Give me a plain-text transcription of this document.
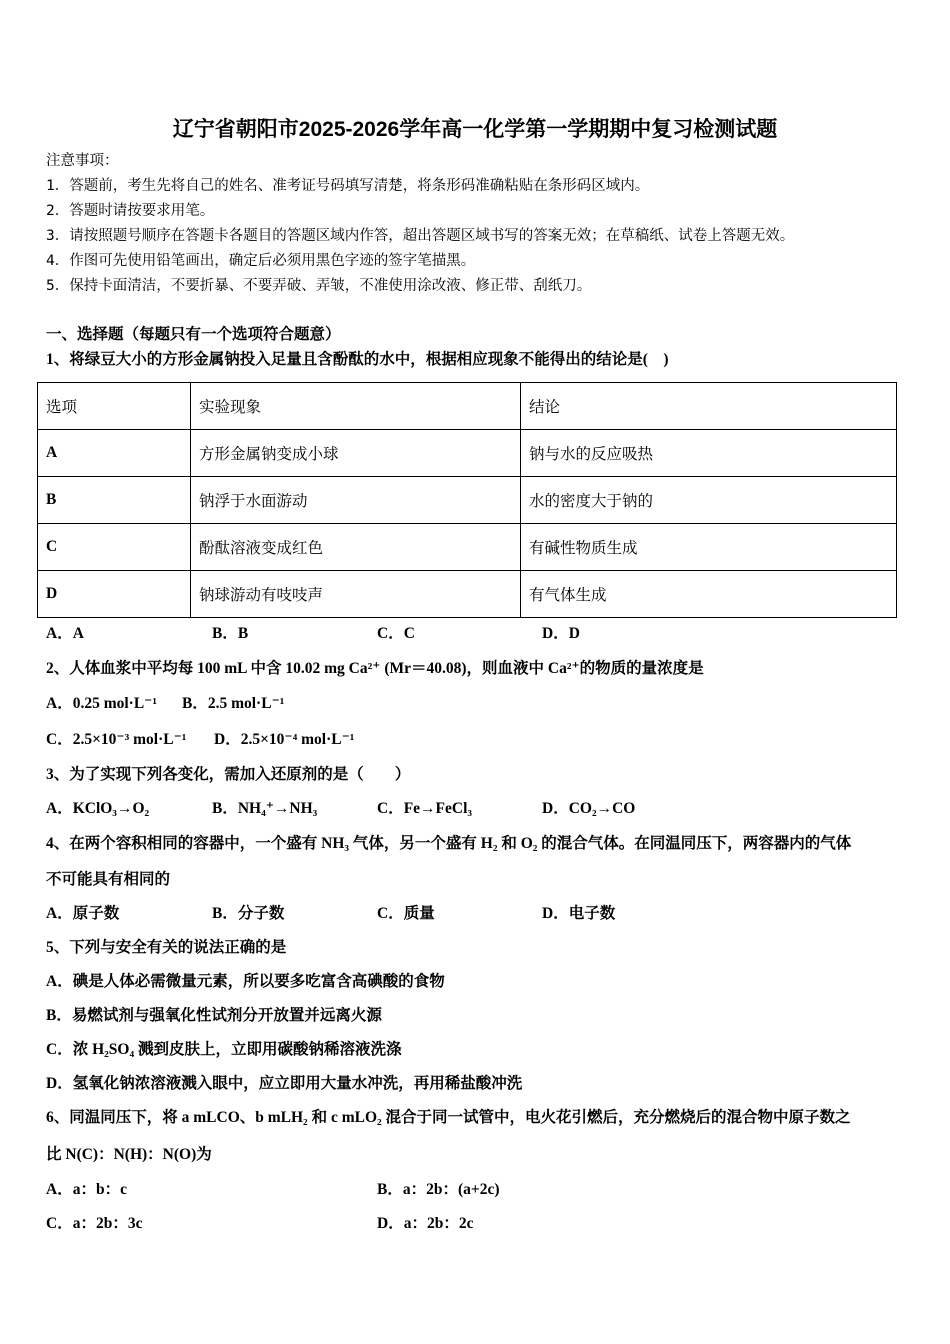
辽宁省朝阳市2025-2026学年高一化学第一学期期中复习检测试题
注意事项：
1．答题前，考生先将自己的姓名、准考证号码填写清楚，将条形码准确粘贴在条形码区域内。
2．答题时请按要求用笔。
3．请按照题号顺序在答题卡各题目的答题区域内作答，超出答题区域书写的答案无效；在草稿纸、试卷上答题无效。
4．作图可先使用铅笔画出，确定后必须用黑色字迹的签字笔描黑。
5．保持卡面清洁，不要折暴、不要弄破、弄皱，不准使用涂改液、修正带、刮纸刀。
一、选择题（每题只有一个选项符合题意）
1、将绿豆大小的方形金属钠投入足量且含酚酞的水中，根据相应现象不能得出的结论是(　)
选项	实验现象	结论
A	方形金属钠变成小球	钠与水的反应吸热
B	钠浮于水面游动	水的密度大于钠的
C	酚酞溶液变成红色	有碱性物质生成
D	钠球游动有吱吱声	有气体生成
A．A	B．B	C．C	D．D
2、人体血浆中平均每 100 mL 中含 10.02 mg Ca²⁺ (Mr＝40.08)，则血液中 Ca²⁺的物质的量浓度是
A．0.25 mol·L⁻¹ B．2.5 mol·L⁻¹
C．2.5×10⁻³ mol·L⁻¹ D．2.5×10⁻⁴ mol·L⁻¹
3、为了实现下列各变化，需加入还原剂的是（　　）
A．KClO₃→O₂	B．NH₄⁺→NH₃	C．Fe→FeCl₃	D．CO₂→CO
4、在两个容积相同的容器中，一个盛有 NH₃ 气体，另一个盛有 H₂ 和 O₂ 的混合气体。在同温同压下，两容器内的气体
不可能具有相同的
A．原子数	B．分子数	C．质量	D．电子数
5、下列与安全有关的说法正确的是
A．碘是人体必需微量元素，所以要多吃富含高碘酸的食物
B．易燃试剂与强氧化性试剂分开放置并远离火源
C．浓 H₂SO₄ 溅到皮肤上，立即用碳酸钠稀溶液洗涤
D．氢氧化钠浓溶液溅入眼中，应立即用大量水冲洗，再用稀盐酸冲洗
6、同温同压下，将 a mLCO、b mLH₂ 和 c mLO₂ 混合于同一试管中，电火花引燃后，充分燃烧后的混合物中原子数之
比 N(C)：N(H)：N(O)为
A．a：b：c	B．a：2b：(a+2c)
C．a：2b：3c	D．a：2b：2c
